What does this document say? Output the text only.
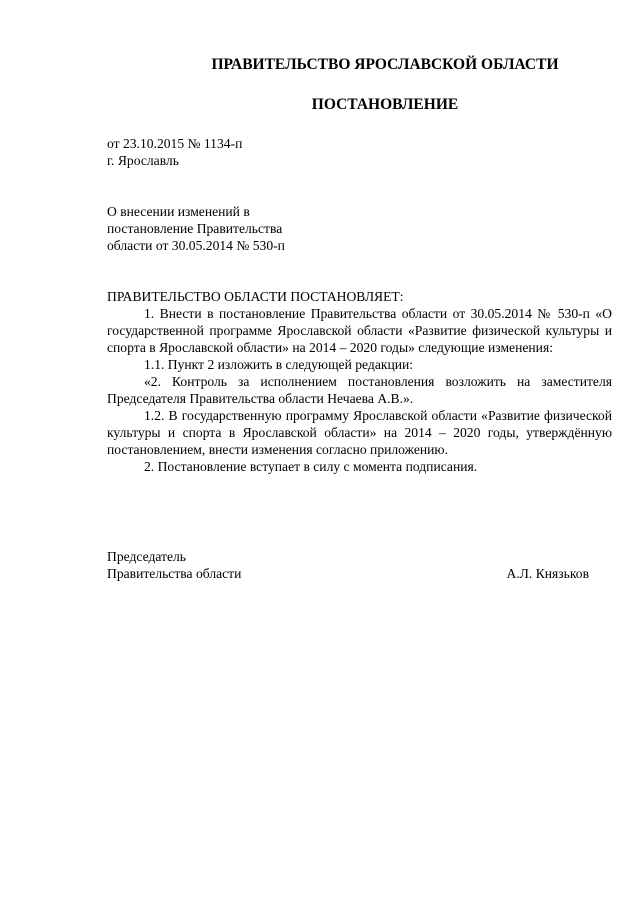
ПРАВИТЕЛЬСТВО ЯРОСЛАВСКОЙ ОБЛАСТИ
ПОСТАНОВЛЕНИЕ
от 23.10.2015 № 1134-п
г. Ярославль
О внесении изменений в
постановление Правительства
области от 30.05.2014 № 530-п

ПРАВИТЕЛЬСТВО ОБЛАСТИ ПОСТАНОВЛЯЕТ:

1. Внести в постановление Правительства области от 30.05.2014 № 530-п «О государственной программе Ярославской области «Развитие физической культуры и спорта в Ярославской области» на 2014 – 2020 годы» следующие изменения:

1.1. Пункт 2 изложить в следующей редакции:

«2. Контроль за исполнением постановления возложить на заместителя Председателя Правительства области Нечаева А.В.».

1.2. В государственную программу Ярославской области «Развитие физической культуры и спорта в Ярославской области» на 2014 – 2020 годы, утверждённую постановлением, внести изменения согласно приложению.

2. Постановление вступает в силу с момента подписания.

Председатель
Правительства области	А.Л. Князьков
